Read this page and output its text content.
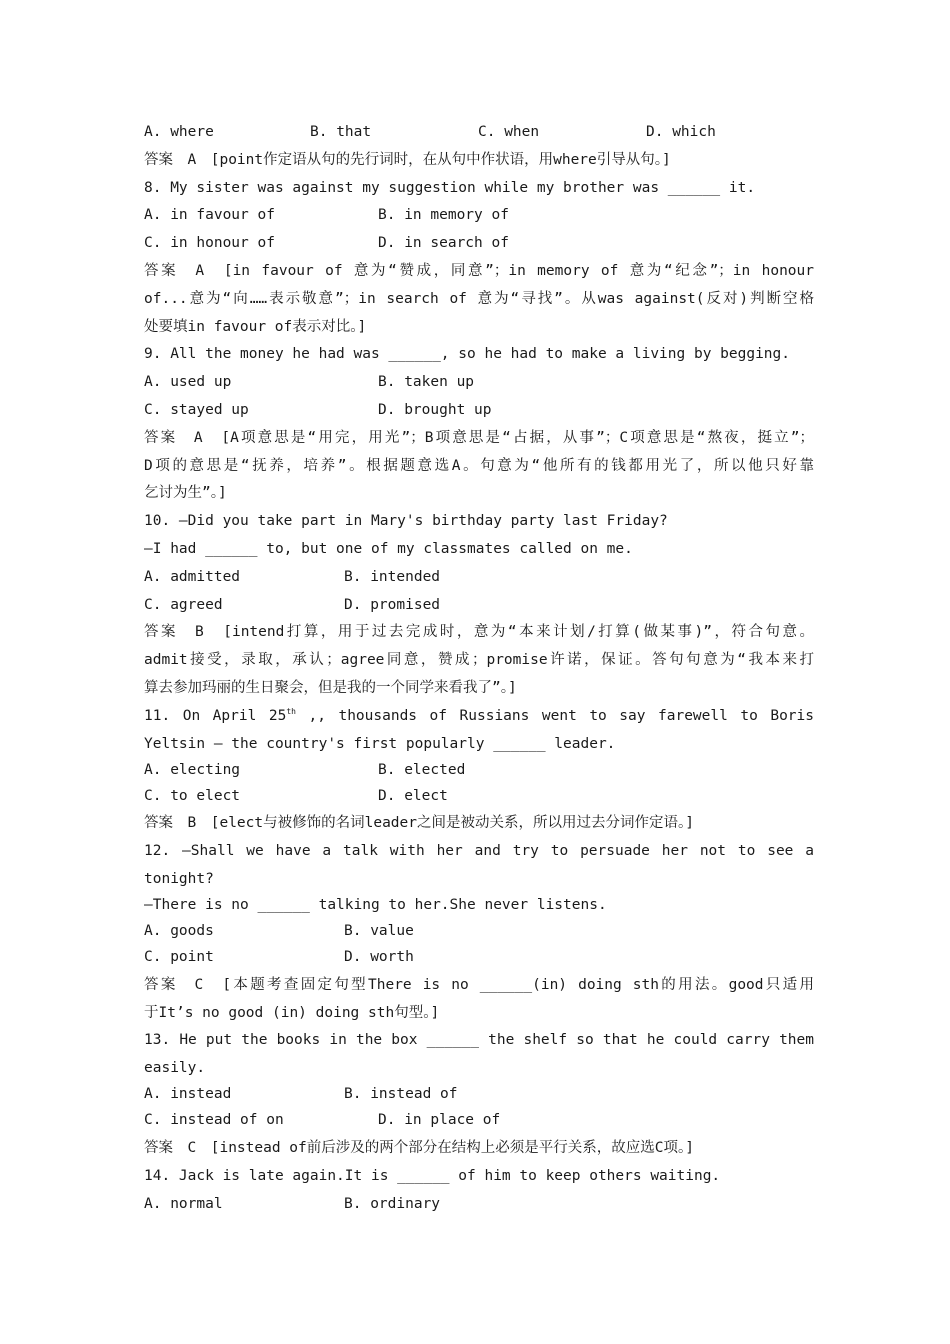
A. where

	B. that

	C. when

	D. which

答案　A　[point作定语从句的先行词时，在从句中作状语，用where引导从句。]
8. My sister was against my suggestion while my brother was ______ it.

A. in favour of

	B. in memory of

C. in honour of

	D. in search of

答案　A　[in favour of 意为“赞成，同意”；in memory of 意为“纪念”；in honour
of...意为“向……表示敬意”；in search of 意为“寻找”。从was against(反对)判断空格
处要填in favour of表示对比。]
9. All the money he had was ______, so he had to make a living by begging.

A. used up

	B. taken up

C. stayed up

	D. brought up

答案　A　[A项意思是“用完，用光”；B项意思是“占据，从事”；C项意思是“熬夜，挺立”；
D项的意思是“抚养，培养”。根据题意选A。句意为“他所有的钱都用光了，所以他只好靠
乞讨为生”。]
10. —Did you take part in Mary's birthday party last Friday?
—I had ______ to, but one of my classmates called on me.

A. admitted

	B. intended

C. agreed

	D. promised

答案　B　[intend打算，用于过去完成时，意为“本来计划/打算(做某事)”，符合句意。
admit接受，录取，承认；agree同意，赞成；promise许诺，保证。答句句意为“我本来打
算去参加玛丽的生日聚会，但是我的一个同学来看我了”。]
11. On April 25th ,, thousands of Russians went to say farewell to Boris
Yeltsin — the country's first popularly ______ leader.

A. electing

	B. elected

C. to elect

	D. elect

答案　B　[elect与被修饰的名词leader之间是被动关系，所以用过去分词作定语。]
12. —Shall we have a talk with her and try to persuade her not to see a
tonight?
—There is no ______ talking to her.She never listens.

A. goods

	B. value

C. point

	D. worth

答案　C　[本题考查固定句型There is no ______(in) doing sth的用法。good只适用
于It’s no good (in) doing sth句型。]
13. He put the books in the box ______ the shelf so that he could carry them
easily.

A. instead

	B. instead of

C. instead of on

	D. in place of

答案　C　[instead of前后涉及的两个部分在结构上必须是平行关系，故应选C项。]
14. Jack is late again.It is ______ of him to keep others waiting.

A. normal

	B. ordinary
